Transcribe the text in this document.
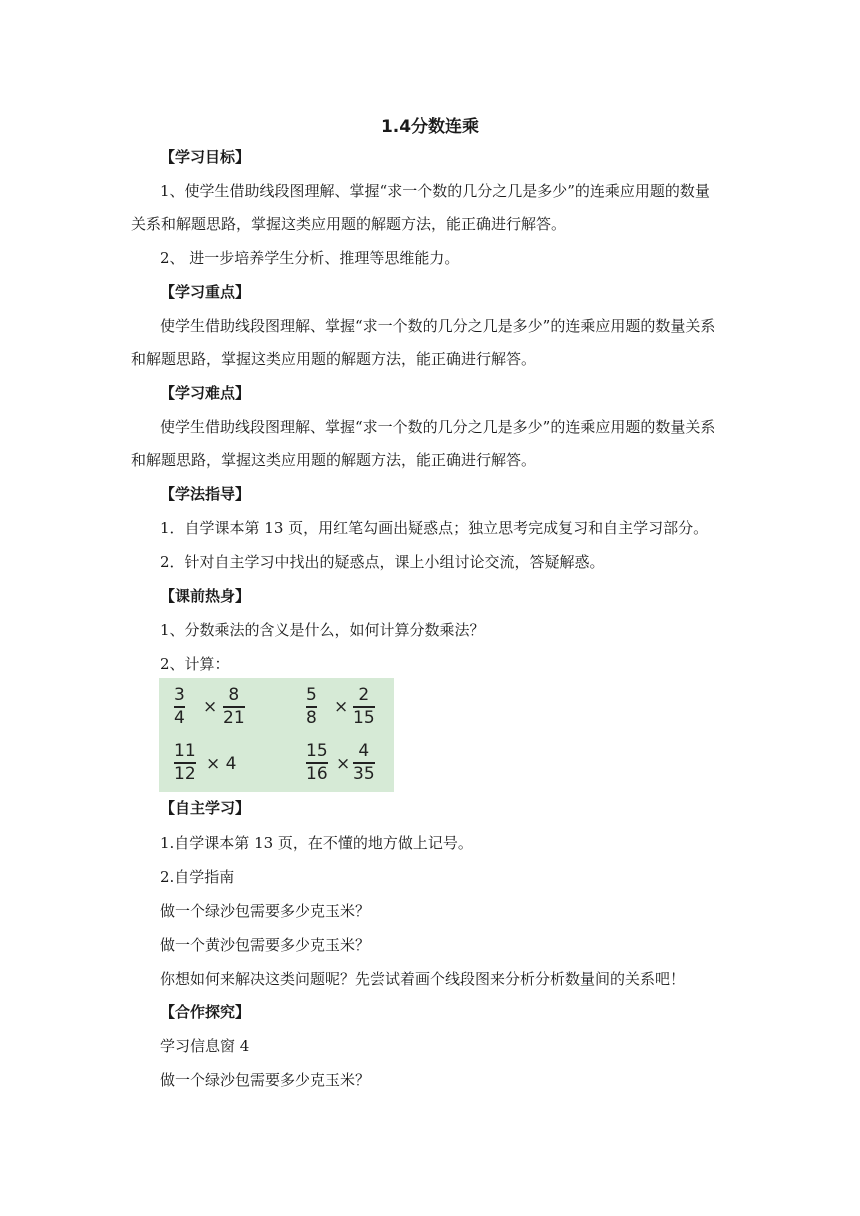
1.4分数连乘
【学习目标】
1、使学生借助线段图理解、掌握“求一个数的几分之几是多少”的连乘应用题的数量
关系和解题思路，掌握这类应用题的解题方法，能正确进行解答。
2、 进一步培养学生分析、推理等思维能力。
【学习重点】
使学生借助线段图理解、掌握“求一个数的几分之几是多少”的连乘应用题的数量关系
和解题思路，掌握这类应用题的解题方法，能正确进行解答。
【学习难点】
使学生借助线段图理解、掌握“求一个数的几分之几是多少”的连乘应用题的数量关系
和解题思路，掌握这类应用题的解题方法，能正确进行解答。
【学法指导】
1．自学课本第 13 页，用红笔勾画出疑惑点；独立思考完成复习和自主学习部分。
2．针对自主学习中找出的疑惑点，课上小组讨论交流，答疑解惑。
【课前热身】
1、分数乘法的含义是什么，如何计算分数乘法？
2、计算：
3
4
×
8
21
5
8
×
2
15
11
12 × 4
15
16 ×
4
35
【自主学习】
1.自学课本第 13 页，在不懂的地方做上记号。
2.自学指南
做一个绿沙包需要多少克玉米？
做一个黄沙包需要多少克玉米？
你想如何来解决这类问题呢？先尝试着画个线段图来分析分析数量间的关系吧！
【合作探究】
学习信息窗 4
做一个绿沙包需要多少克玉米？
